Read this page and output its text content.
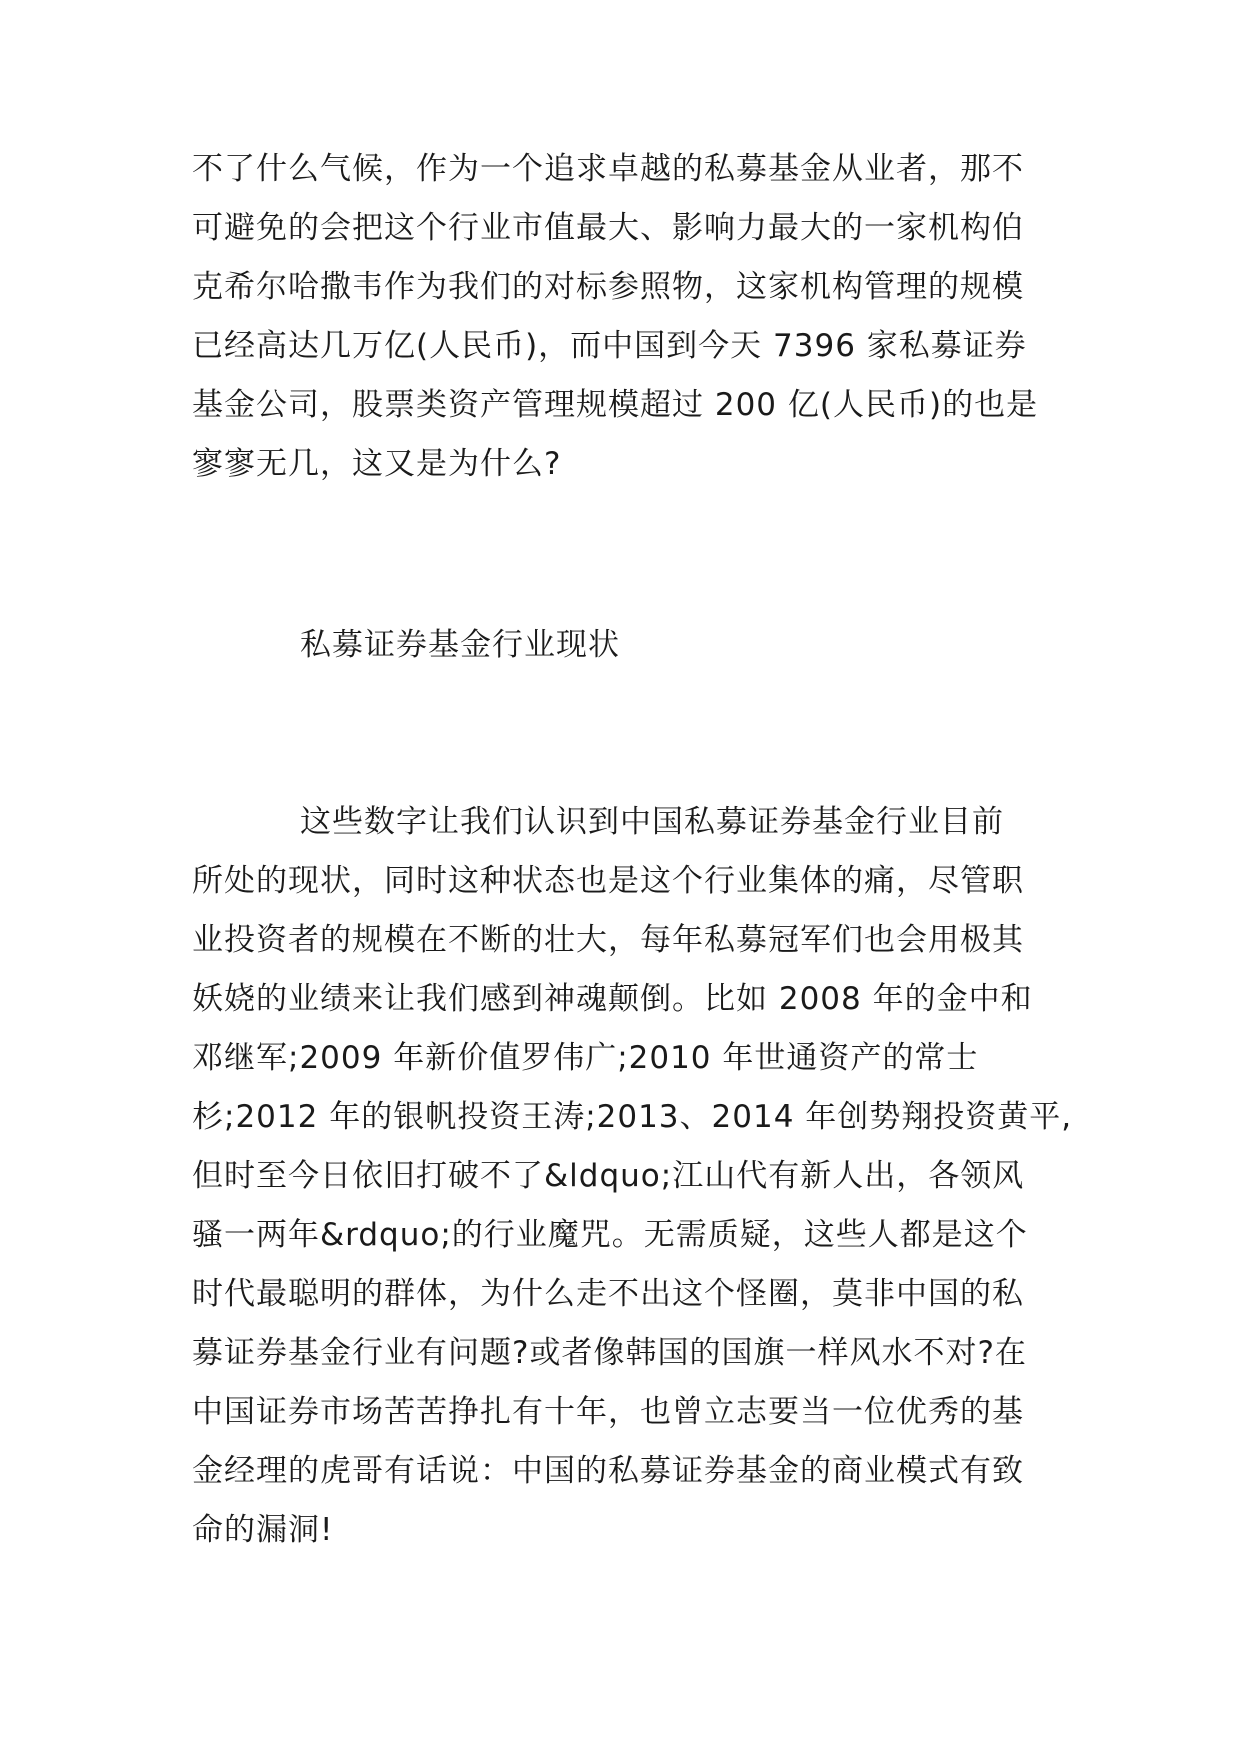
不了什么气候，作为一个追求卓越的私募基金从业者，那不
可避免的会把这个行业市值最大、影响力最大的一家机构伯
克希尔哈撒韦作为我们的对标参照物，这家机构管理的规模
已经高达几万亿(人民币)，而中国到今天 7396 家私募证券
基金公司，股票类资产管理规模超过 200 亿(人民币)的也是
寥寥无几，这又是为什么?
私募证券基金行业现状
这些数字让我们认识到中国私募证券基金行业目前
所处的现状，同时这种状态也是这个行业集体的痛，尽管职
业投资者的规模在不断的壮大，每年私募冠军们也会用极其
妖娆的业绩来让我们感到神魂颠倒。比如 2008 年的金中和
邓继军;2009 年新价值罗伟广;2010 年世通资产的常士
杉;2012 年的银帆投资王涛;2013、2014 年创势翔投资黄平,
但时至今日依旧打破不了&ldquo;江山代有新人出，各领风
骚一两年&rdquo;的行业魔咒。无需质疑，这些人都是这个
时代最聪明的群体，为什么走不出这个怪圈，莫非中国的私
募证券基金行业有问题?或者像韩国的国旗一样风水不对?在
中国证券市场苦苦挣扎有十年，也曾立志要当一位优秀的基
金经理的虎哥有话说：中国的私募证券基金的商业模式有致
命的漏洞!
